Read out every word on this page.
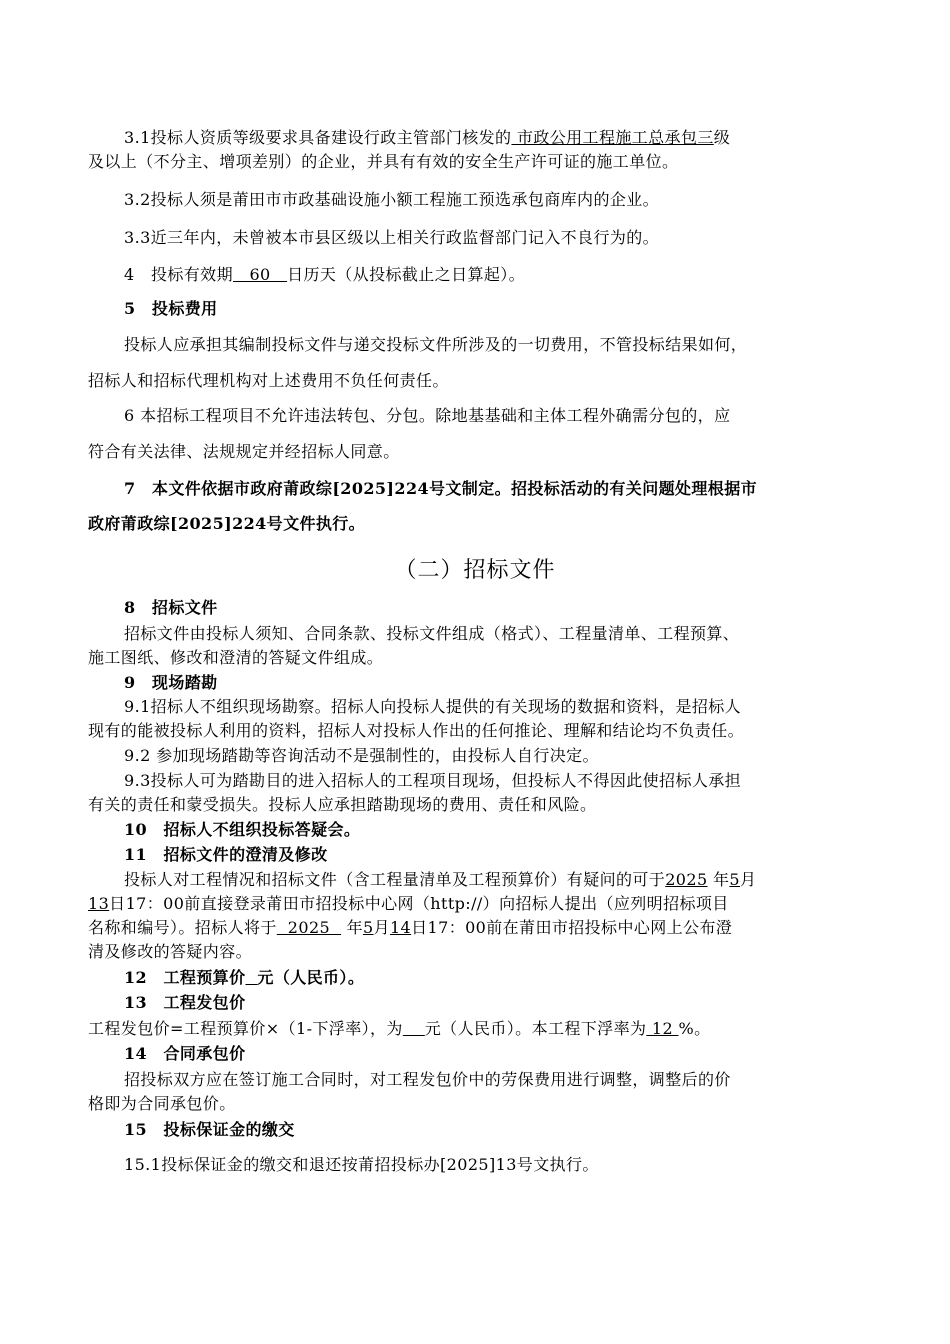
3.1投标人资质等级要求具备建设行政主管部门核发的 市政公用工程施工总承包三级
及以上（不分主、增项差别）的企业，并具有有效的安全生产许可证的施工单位。
3.2投标人须是莆田市市政基础设施小额工程施工预选承包商库内的企业。
3.3近三年内，未曾被本市县区级以上相关行政监督部门记入不良行为的。
4　投标有效期   60   日历天（从投标截止之日算起）。
5　投标费用
投标人应承担其编制投标文件与递交投标文件所涉及的一切费用，不管投标结果如何，
招标人和招标代理机构对上述费用不负任何责任。
6 本招标工程项目不允许违法转包、分包。除地基基础和主体工程外确需分包的，应
符合有关法律、法规规定并经招标人同意。
7　本文件依据市政府莆政综[2025]224号文制定。招投标活动的有关问题处理根据市
政府莆政综[2025]224号文件执行。
（二）招标文件
8　招标文件
招标文件由投标人须知、合同条款、投标文件组成（格式）、工程量清单、工程预算、
施工图纸、修改和澄清的答疑文件组成。
9　现场踏勘
9.1招标人不组织现场勘察。招标人向投标人提供的有关现场的数据和资料，是招标人
现有的能被投标人利用的资料，招标人对投标人作出的任何推论、理解和结论均不负责任。
9.2 参加现场踏勘等咨询活动不是强制性的，由投标人自行决定。
9.3投标人可为踏勘目的进入招标人的工程项目现场，但投标人不得因此使招标人承担
有关的责任和蒙受损失。投标人应承担踏勘现场的费用、责任和风险。
10　招标人不组织投标答疑会。
11　招标文件的澄清及修改
投标人对工程情况和招标文件（含工程量清单及工程预算价）有疑问的可于2025 年5月
13日17：00前直接登录莆田市招投标中心网（http://）向招标人提出（应列明招标项目
名称和编号）。招标人将于  2025   年5月14日17：00前在莆田市招投标中心网上公布澄
清及修改的答疑内容。
12　工程预算价 元（人民币）。
13　工程发包价
工程发包价=工程预算价×（1-下浮率），为 元（人民币）。本工程下浮率为 12 %。
14　合同承包价
招投标双方应在签订施工合同时，对工程发包价中的劳保费用进行调整，调整后的价
格即为合同承包价。
15　投标保证金的缴交
15.1投标保证金的缴交和退还按莆招投标办[2025]13号文执行。
